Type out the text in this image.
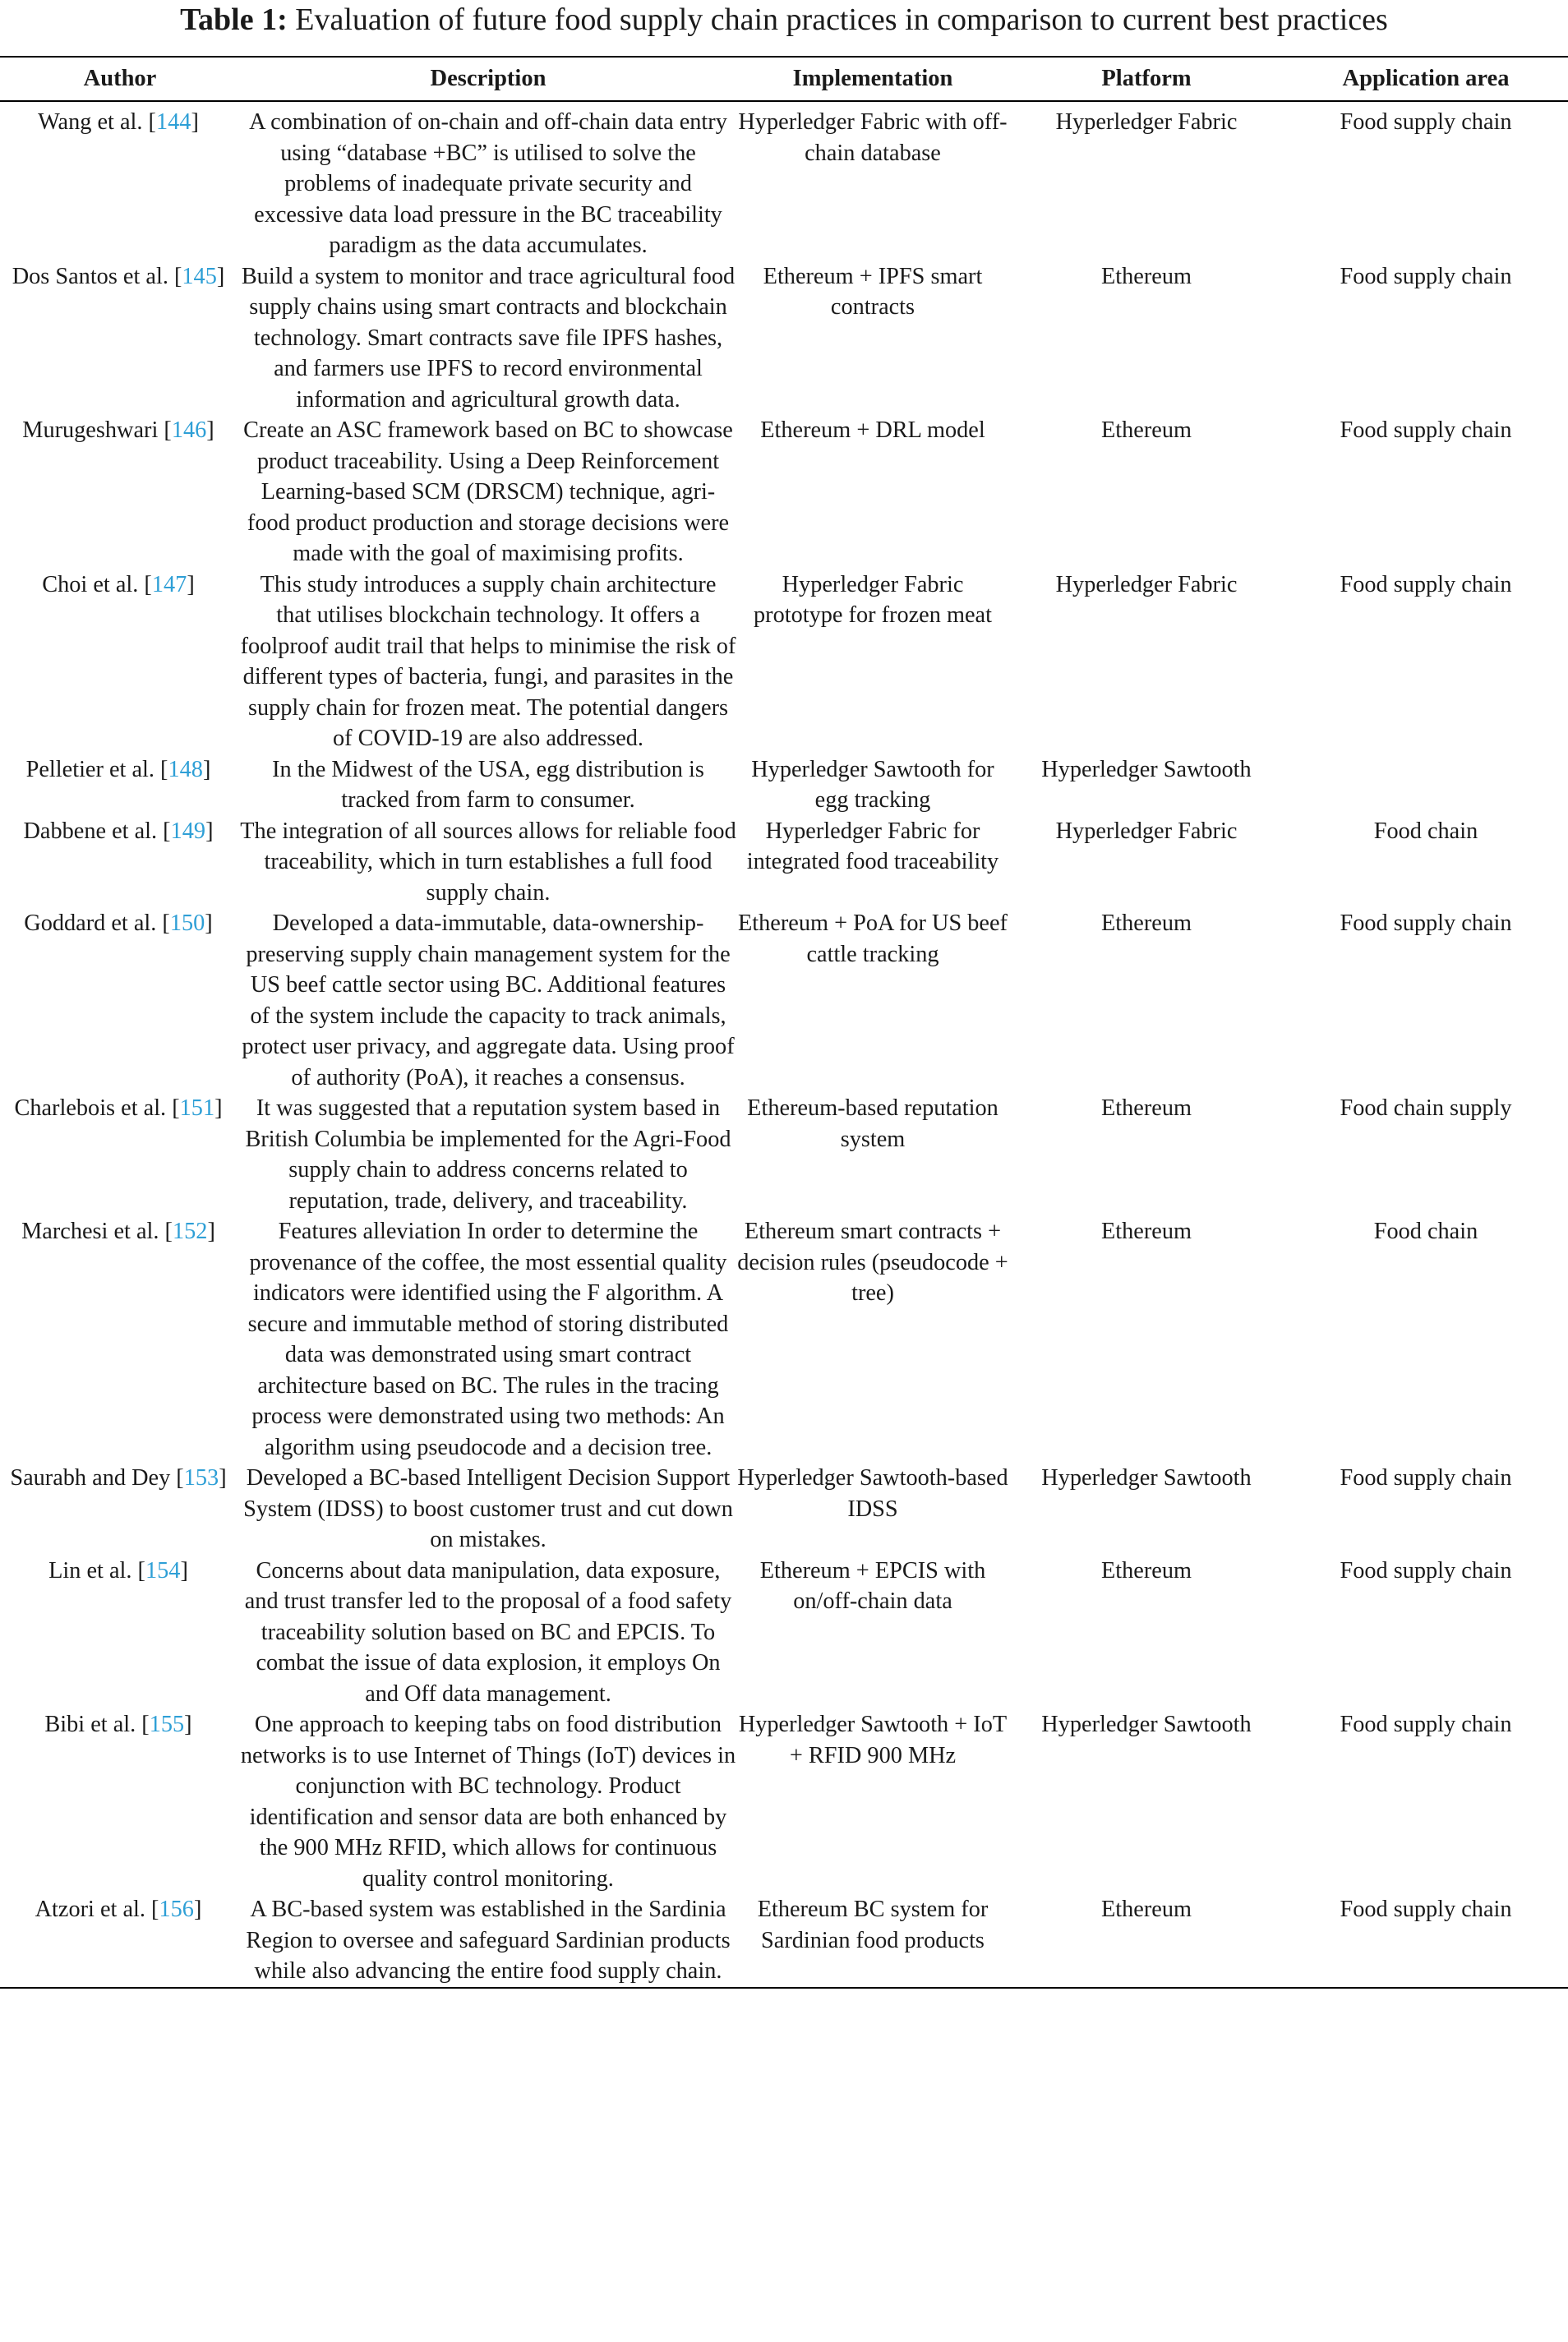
Table 1: Evaluation of future food supply chain practices in comparison to current best practices
Author	Description	Implementation	Platform	Application area
Wang et al. [144]	A combination of on-chain and off-chain data entry using “database +BC” is utilised to solve the problems of inadequate private security and excessive data load pressure in the BC traceability paradigm as the data accumulates.	Hyperledger Fabric with off-chain database	Hyperledger Fabric	Food supply chain
Dos Santos et al. [145]	Build a system to monitor and trace agricultural food supply chains using smart contracts and blockchain technology. Smart contracts save file IPFS hashes, and farmers use IPFS to record environmental information and agricultural growth data.	Ethereum + IPFS smart contracts	Ethereum	Food supply chain
Murugeshwari [146]	Create an ASC framework based on BC to showcase product traceability. Using a Deep Reinforcement Learning-based SCM (DRSCM) technique, agri-food product production and storage decisions were made with the goal of maximising profits.	Ethereum + DRL model	Ethereum	Food supply chain
Choi et al. [147]	This study introduces a supply chain architecture that utilises blockchain technology. It offers a foolproof audit trail that helps to minimise the risk of different types of bacteria, fungi, and parasites in the supply chain for frozen meat. The potential dangers of COVID-19 are also addressed.	Hyperledger Fabric prototype for frozen meat	Hyperledger Fabric	Food supply chain
Pelletier et al. [148]	In the Midwest of the USA, egg distribution is tracked from farm to consumer.	Hyperledger Sawtooth for egg tracking	Hyperledger Sawtooth	
Dabbene et al. [149]	The integration of all sources allows for reliable food traceability, which in turn establishes a full food supply chain.	Hyperledger Fabric for integrated food traceability	Hyperledger Fabric	Food chain
Goddard et al. [150]	Developed a data-immutable, data-ownership-preserving supply chain management system for the US beef cattle sector using BC. Additional features of the system include the capacity to track animals, protect user privacy, and aggregate data. Using proof of authority (PoA), it reaches a consensus.	Ethereum + PoA for US beef cattle tracking	Ethereum	Food supply chain
Charlebois et al. [151]	It was suggested that a reputation system based in British Columbia be implemented for the Agri-Food supply chain to address concerns related to reputation, trade, delivery, and traceability.	Ethereum-based reputation system	Ethereum	Food chain supply
Marchesi et al. [152]	Features alleviation In order to determine the provenance of the coffee, the most essential quality indicators were identified using the F algorithm. A secure and immutable method of storing distributed data was demonstrated using smart contract architecture based on BC. The rules in the tracing process were demonstrated using two methods: An algorithm using pseudocode and a decision tree.	Ethereum smart contracts + decision rules (pseudocode + tree)	Ethereum	Food chain
Saurabh and Dey [153]	Developed a BC-based Intelligent Decision Support System (IDSS) to boost customer trust and cut down on mistakes.	Hyperledger Sawtooth-based IDSS	Hyperledger Sawtooth	Food supply chain
Lin et al. [154]	Concerns about data manipulation, data exposure, and trust transfer led to the proposal of a food safety traceability solution based on BC and EPCIS. To combat the issue of data explosion, it employs On and Off data management.	Ethereum + EPCIS with on/off-chain data	Ethereum	Food supply chain
Bibi et al. [155]	One approach to keeping tabs on food distribution networks is to use Internet of Things (IoT) devices in conjunction with BC technology. Product identification and sensor data are both enhanced by the 900 MHz RFID, which allows for continuous quality control monitoring.	Hyperledger Sawtooth + IoT + RFID 900 MHz	Hyperledger Sawtooth	Food supply chain
Atzori et al. [156]	A BC-based system was established in the Sardinia Region to oversee and safeguard Sardinian products while also advancing the entire food supply chain.	Ethereum BC system for Sardinian food products	Ethereum	Food supply chain
